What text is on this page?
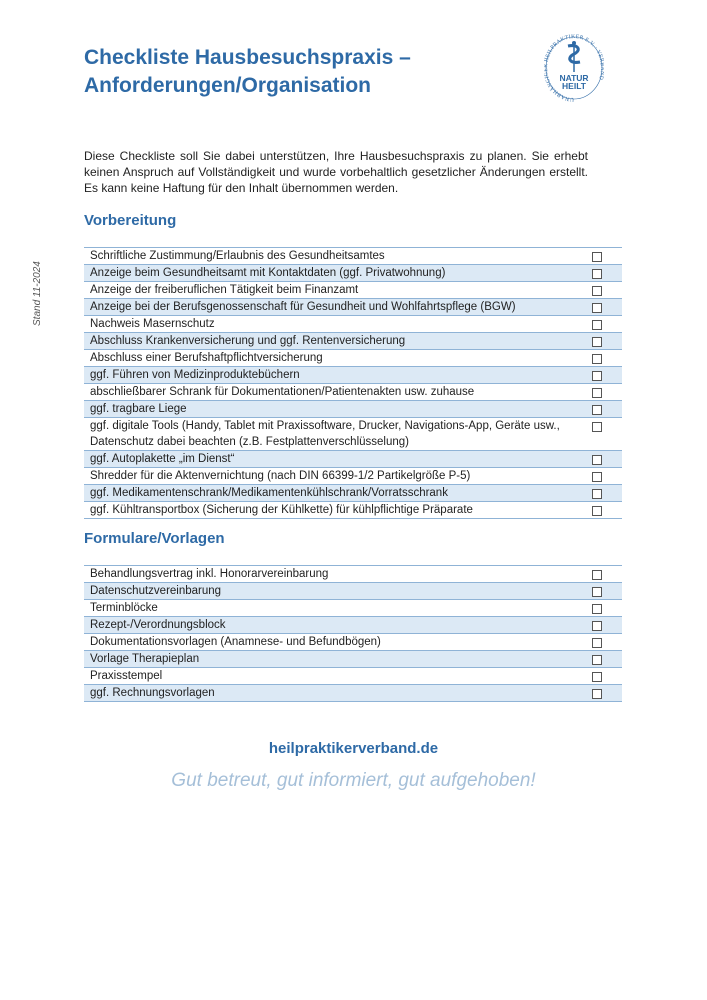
Checkliste Hausbesuchspraxis –
Anforderungen/Organisation
UNABHÄNGI HEILPRAKTIKER E.V. · VER D
NATUR
HEILT

Diese Checkliste soll Sie dabei unterstützen, Ihre Hausbesuchspraxis zu planen. Sie erhebt keinen Anspruch auf Vollständigkeit und wurde vorbehaltlich gesetzlicher Änderungen erstellt. Es kann keine Haftung für den Inhalt übernommen werden.

Stand 11-2024
Vorbereitung
Schriftliche Zustimmung/Erlaubnis des Gesundheitsamtes
Anzeige beim Gesundheitsamt mit Kontaktdaten (ggf. Privatwohnung)
Anzeige der freiberuflichen Tätigkeit beim Finanzamt
Anzeige bei der Berufsgenossenschaft für Gesundheit und Wohlfahrtspflege (BGW)
Nachweis Masernschutz
Abschluss Krankenversicherung und ggf. Rentenversicherung
Abschluss einer Berufshaftpflichtversicherung
ggf. Führen von Medizinproduktebüchern
abschließbarer Schrank für Dokumentationen/Patientenakten usw. zuhause
ggf. tragbare Liege
ggf. digitale Tools (Handy, Tablet mit Praxissoftware, Drucker, Navigations-App, Geräte usw., Datenschutz dabei beachten (z.B. Festplattenverschlüsselung)
ggf. Autoplakette „im Dienst“
Shredder für die Aktenvernichtung (nach DIN 66399-1/2 Partikelgröße P-5)
ggf. Medikamentenschrank/Medikamentenkühlschrank/Vorratsschrank
ggf. Kühltransportbox (Sicherung der Kühlkette) für kühlpflichtige Präparate
Formulare/Vorlagen
Behandlungsvertrag inkl. Honorarvereinbarung
Datenschutzvereinbarung
Terminblöcke
Rezept-/Verordnungsblock
Dokumentationsvorlagen (Anamnese- und Befundbögen)
Vorlage Therapieplan
Praxisstempel
ggf. Rechnungsvorlagen
heilpraktikerverband.de
Gut betreut, gut informiert, gut aufgehoben!
